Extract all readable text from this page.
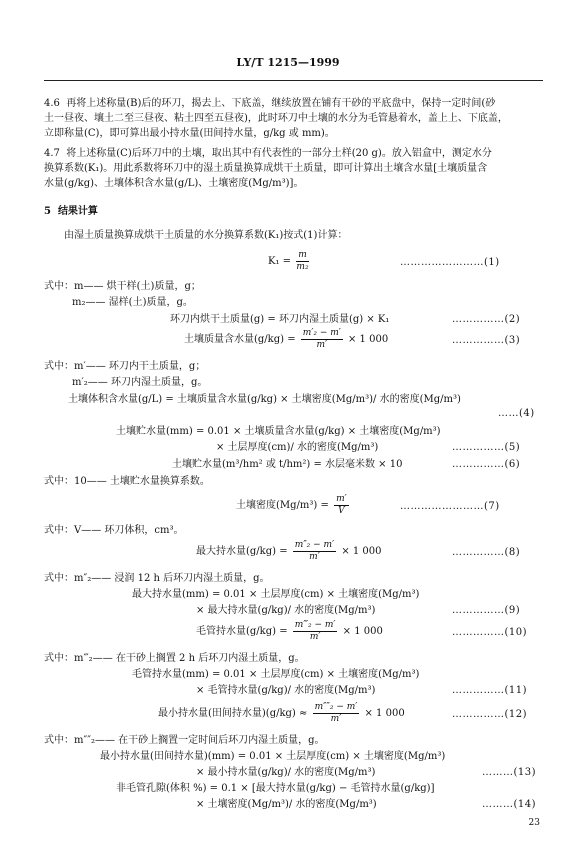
LY/T 1215—1999
4.6 再将上述称量(B)后的环刀，揭去上、下底盖，继续放置在铺有干砂的平底盘中，保持一定时间(砂
土一昼夜、壤土二至三昼夜、粘土四至五昼夜)，此时环刀中土壤的水分为毛管悬着水，盖上上、下底盖，
立即称量(C)，即可算出最小持水量(田间持水量，g/kg 或 mm)。
4.7 将上述称量(C)后环刀中的土壤，取出其中有代表性的一部分土样(20 g)。放入铝盒中，测定水分
换算系数(K₁)。用此系数将环刀中的湿土质量换算成烘干土质量，即可计算出土壤含水量[土壤质量含
水量(g/kg)、土壤体积含水量(g/L)、土壤密度(Mg/m³)]。
5 结果计算
由湿土质量换算成烘干土质量的水分换算系数(K₁)按式(1)计算：
$K_1 = \frac{m}{\text{m₂}}$	……………………(1)
式中：m—— 烘干样(土)质量，g；
m₂—— 湿样(土)质量，g。
环刀内烘干土质量(g) = 环刀内湿土质量(g) × K₁	……………(2)
土壤质量含水量$(g/kg) = \frac{\text{m′₂ − m′}}{m'} \times 1$ 000	……………(3)
式中：m′—— 环刀内干土质量，g；
m′₂—— 环刀内湿土质量，g。
土壤体积含水量(g/L) = 土壤质量含水量(g/kg) × 土壤密度(Mg/m³)/ 水的密度(Mg/m³)
……(4)
土壤贮水量(mm) = 0.01 × 土壤质量含水量(g/kg) × 土壤密度(Mg/m³)
× 土层厚度(cm)/ 水的密度(Mg/m³)	……………(5)
土壤贮水量(m³/hm² 或 t/hm²) = 水层毫米数 × 10	……………(6)
式中：10—— 土壤贮水量换算系数。
土壤密度$(Mg/m^3) = \frac{m'}{V}$	……………………(7)
式中：V—— 环刀体积，cm³。
最大持水量$(g/kg) = \frac{\text{m″₂ − m′}}{m'} \times 1$ 000	……………(8)
式中：m″₂—— 浸润 12 h 后环刀内湿土质量，g。
最大持水量(mm) = 0.01 × 土层厚度(cm) × 土壤密度(Mg/m³)
× 最大持水量(g/kg)/ 水的密度(Mg/m³)	……………(9)
毛管持水量$(g/kg) = \frac{\text{m‴₂ − m′}}{m'} \times 1$ 000	……………(10)
式中：m‴₂—— 在干砂上搁置 2 h 后环刀内湿土质量，g。
毛管持水量(mm) = 0.01 × 土层厚度(cm) × 土壤密度(Mg/m³)
× 毛管持水量(g/kg)/ 水的密度(Mg/m³)	……………(11)
最小持水量(田间持水量)$(g/kg) \approx \frac{\text{m″″₂ − m′}}{m'} \times 1$ 000	……………(12)
式中：m″″₂—— 在干砂上搁置一定时间后环刀内湿土质量，g。
最小持水量(田间持水量)(mm) = 0.01 × 土层厚度(cm) × 土壤密度(Mg/m³)
× 最小持水量(g/kg)/ 水的密度(Mg/m³)	………(13)
非毛管孔隙(体积 %) = 0.1 × [最大持水量(g/kg) − 毛管持水量(g/kg)]
× 土壤密度(Mg/m³)/ 水的密度(Mg/m³)	………(14)
23
